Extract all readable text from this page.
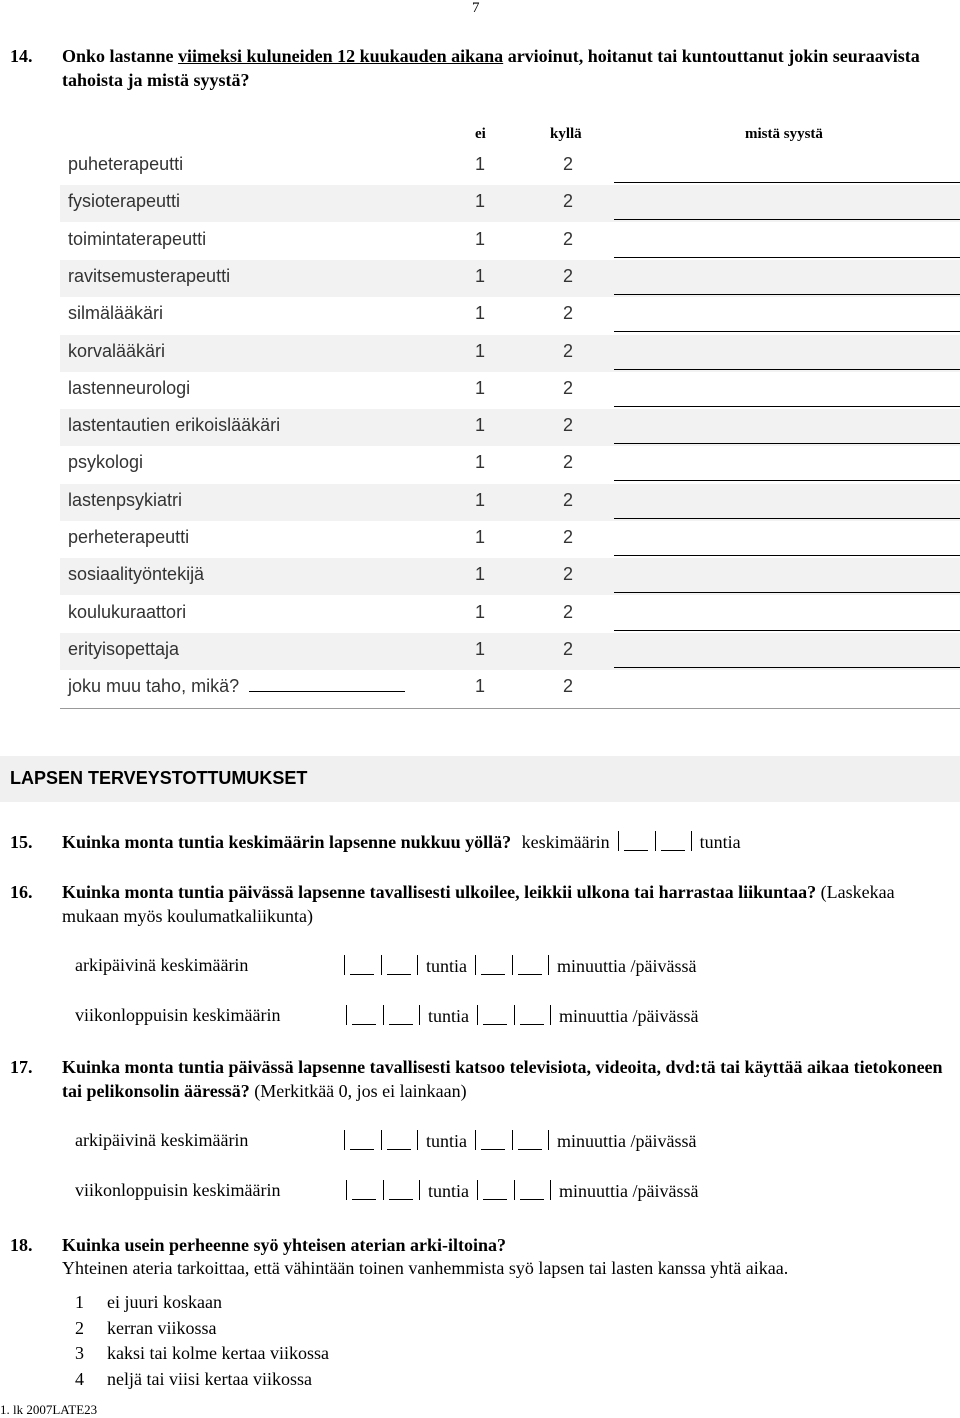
7
14. Onko lastanne viimeksi kuluneiden 12 kuukauden aikana arvioinut, hoitanut tai kuntouttanut jokin seuraavista tahoista ja mistä syystä?
ei	kyllä	mistä syystä
puheterapeutti	1	2
fysioterapeutti	1	2
toimintaterapeutti	1	2
ravitsemusterapeutti	1	2
silmälääkäri	1	2
korvalääkäri	1	2
lastenneurologi	1	2
lastentautien erikoislääkäri	1	2
psykologi	1	2
lastenpsykiatri	1	2
perheterapeutti	1	2
sosiaalityöntekijä	1	2
koulukuraattori	1	2
erityisopettaja	1	2
joku muu taho, mikä?	1	2
LAPSEN TERVEYSTOTTUMUKSET
15. Kuinka monta tuntia keskimäärin lapsenne nukkuu yöllä? keskimäärin	tuntia
16. Kuinka monta tuntia päivässä lapsenne tavallisesti ulkoilee, leikkii ulkona tai harrastaa liikuntaa? (Laskekaa mukaan myös koulumatkaliikunta)
arkipäivinä keskimäärin	tuntia	minuuttia /päivässä
viikonloppuisin keskimäärin	tuntia	minuuttia /päivässä
17. Kuinka monta tuntia päivässä lapsenne tavallisesti katsoo televisiota, videoita, dvd:tä tai käyttää aikaa tietokoneen tai pelikonsolin ääressä? (Merkitkää 0, jos ei lainkaan)
arkipäivinä keskimäärin	tuntia	minuuttia /päivässä
viikonloppuisin keskimäärin	tuntia	minuuttia /päivässä
18. Kuinka usein perheenne syö yhteisen aterian arki-iltoina?
Yhteinen ateria tarkoittaa, että vähintään toinen vanhemmista syö lapsen tai lasten kanssa yhtä aikaa.
1 ei juuri koskaan
2 kerran viikossa
3 kaksi tai kolme kertaa viikossa
4 neljä tai viisi kertaa viikossa
1. lk 2007LATE23
